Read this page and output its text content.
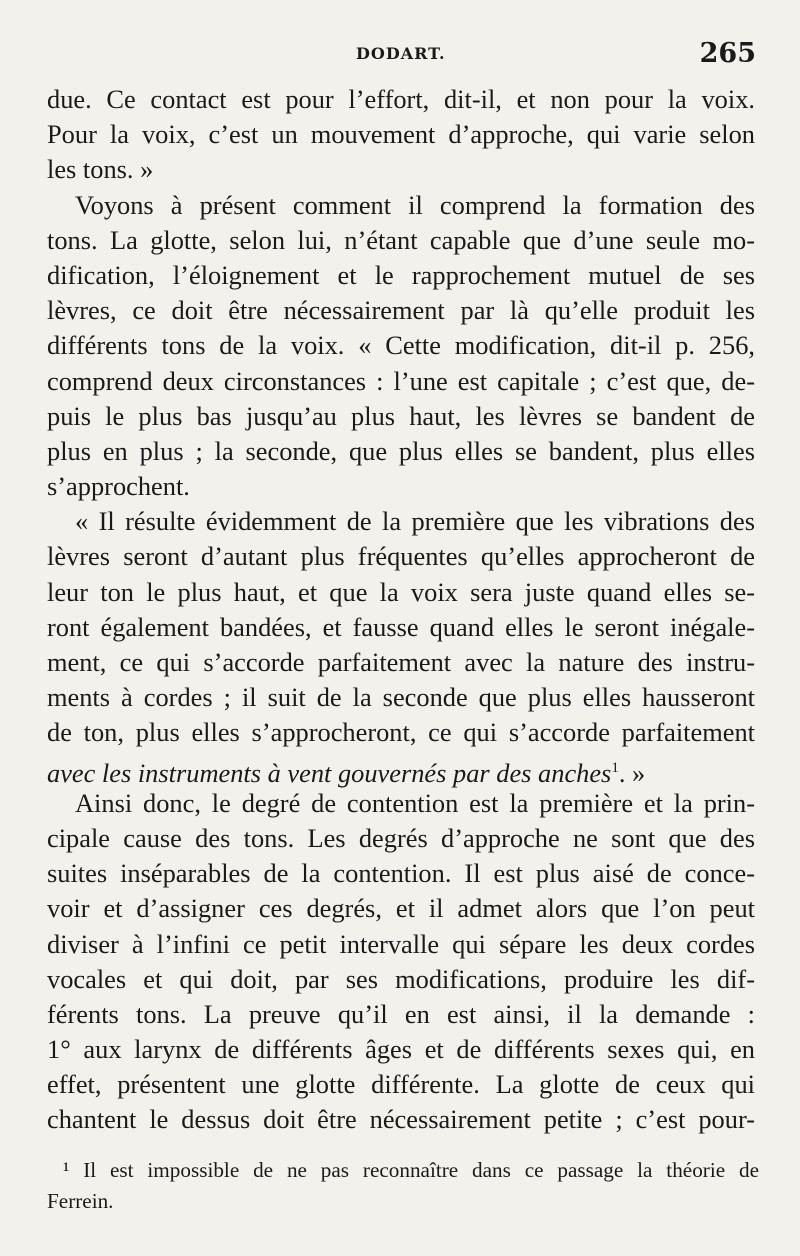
DODART.	265
due. Ce contact est pour l’effort, dit-il, et non pour la voix.
Pour la voix, c’est un mouvement d’approche, qui varie selon
les tons. »
Voyons à présent comment il comprend la formation des
tons. La glotte, selon lui, n’étant capable que d’une seule mo-
dification, l’éloignement et le rapprochement mutuel de ses
lèvres, ce doit être nécessairement par là qu’elle produit les
différents tons de la voix. « Cette modification, dit-il p. 256,
comprend deux circonstances : l’une est capitale ; c’est que, de-
puis le plus bas jusqu’au plus haut, les lèvres se bandent de
plus en plus ; la seconde, que plus elles se bandent, plus elles
s’approchent.
« Il résulte évidemment de la première que les vibrations des
lèvres seront d’autant plus fréquentes qu’elles approcheront de
leur ton le plus haut, et que la voix sera juste quand elles se-
ront également bandées, et fausse quand elles le seront inégale-
ment, ce qui s’accorde parfaitement avec la nature des instru-
ments à cordes ; il suit de la seconde que plus elles hausseront
de ton, plus elles s’approcheront, ce qui s’accorde parfaitement
avec les instruments à vent gouvernés par des anches$^1$. »
Ainsi donc, le degré de contention est la première et la prin-
cipale cause des tons. Les degrés d’approche ne sont que des
suites inséparables de la contention. Il est plus aisé de conce-
voir et d’assigner ces degrés, et il admet alors que l’on peut
diviser à l’infini ce petit intervalle qui sépare les deux cordes
vocales et qui doit, par ses modifications, produire les dif-
férents tons. La preuve qu’il en est ainsi, il la demande :
1° aux larynx de différents âges et de différents sexes qui, en
effet, présentent une glotte différente. La glotte de ceux qui
chantent le dessus doit être nécessairement petite ; c’est pour-
¹ Il est impossible de ne pas reconnaître dans ce passage la théorie de
Ferrein.
